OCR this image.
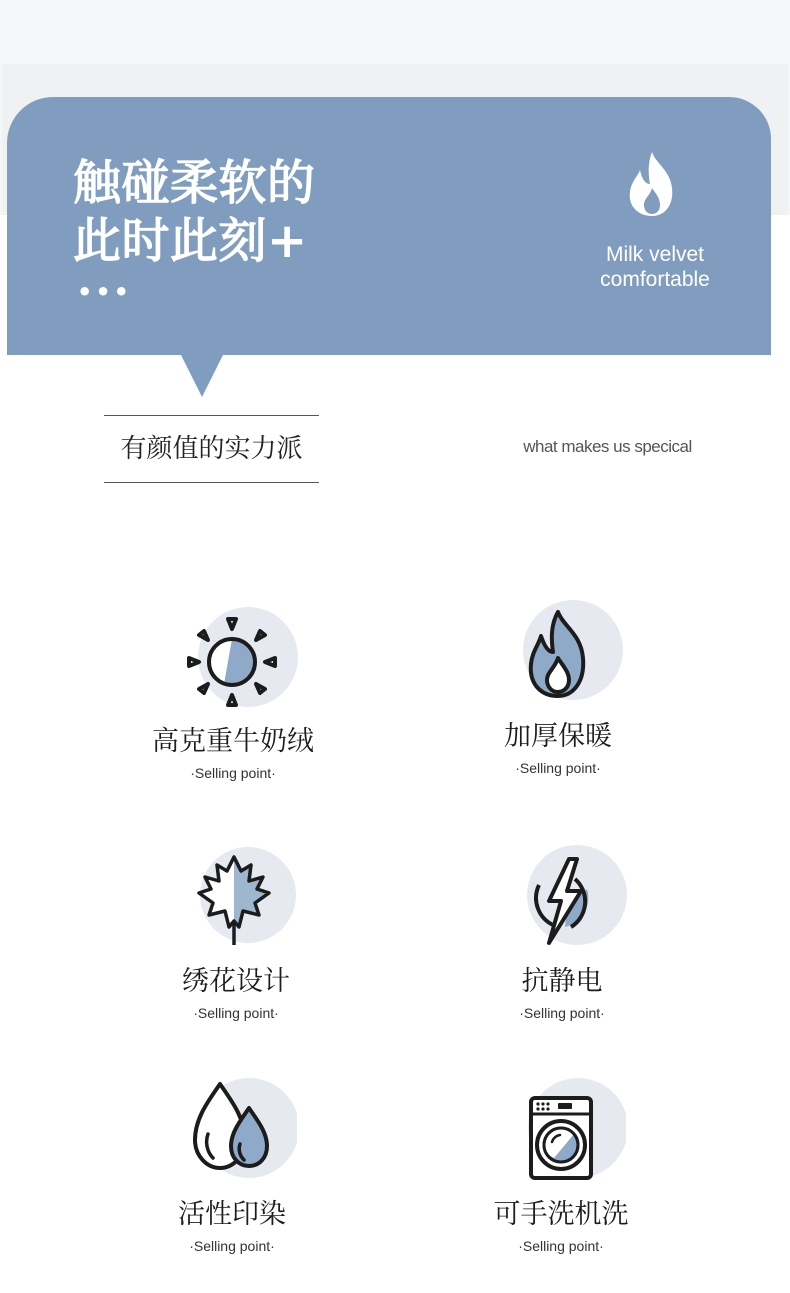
触碰柔软的
此时此刻+
•••
Milk velvet
comfortable
有颜值的实力派	what makes us specical
高克重牛奶绒
·Selling point·
加厚保暖
·Selling point·
绣花设计
·Selling point·
抗静电
·Selling point·
活性印染
·Selling point·
可手洗机洗
·Selling point·
